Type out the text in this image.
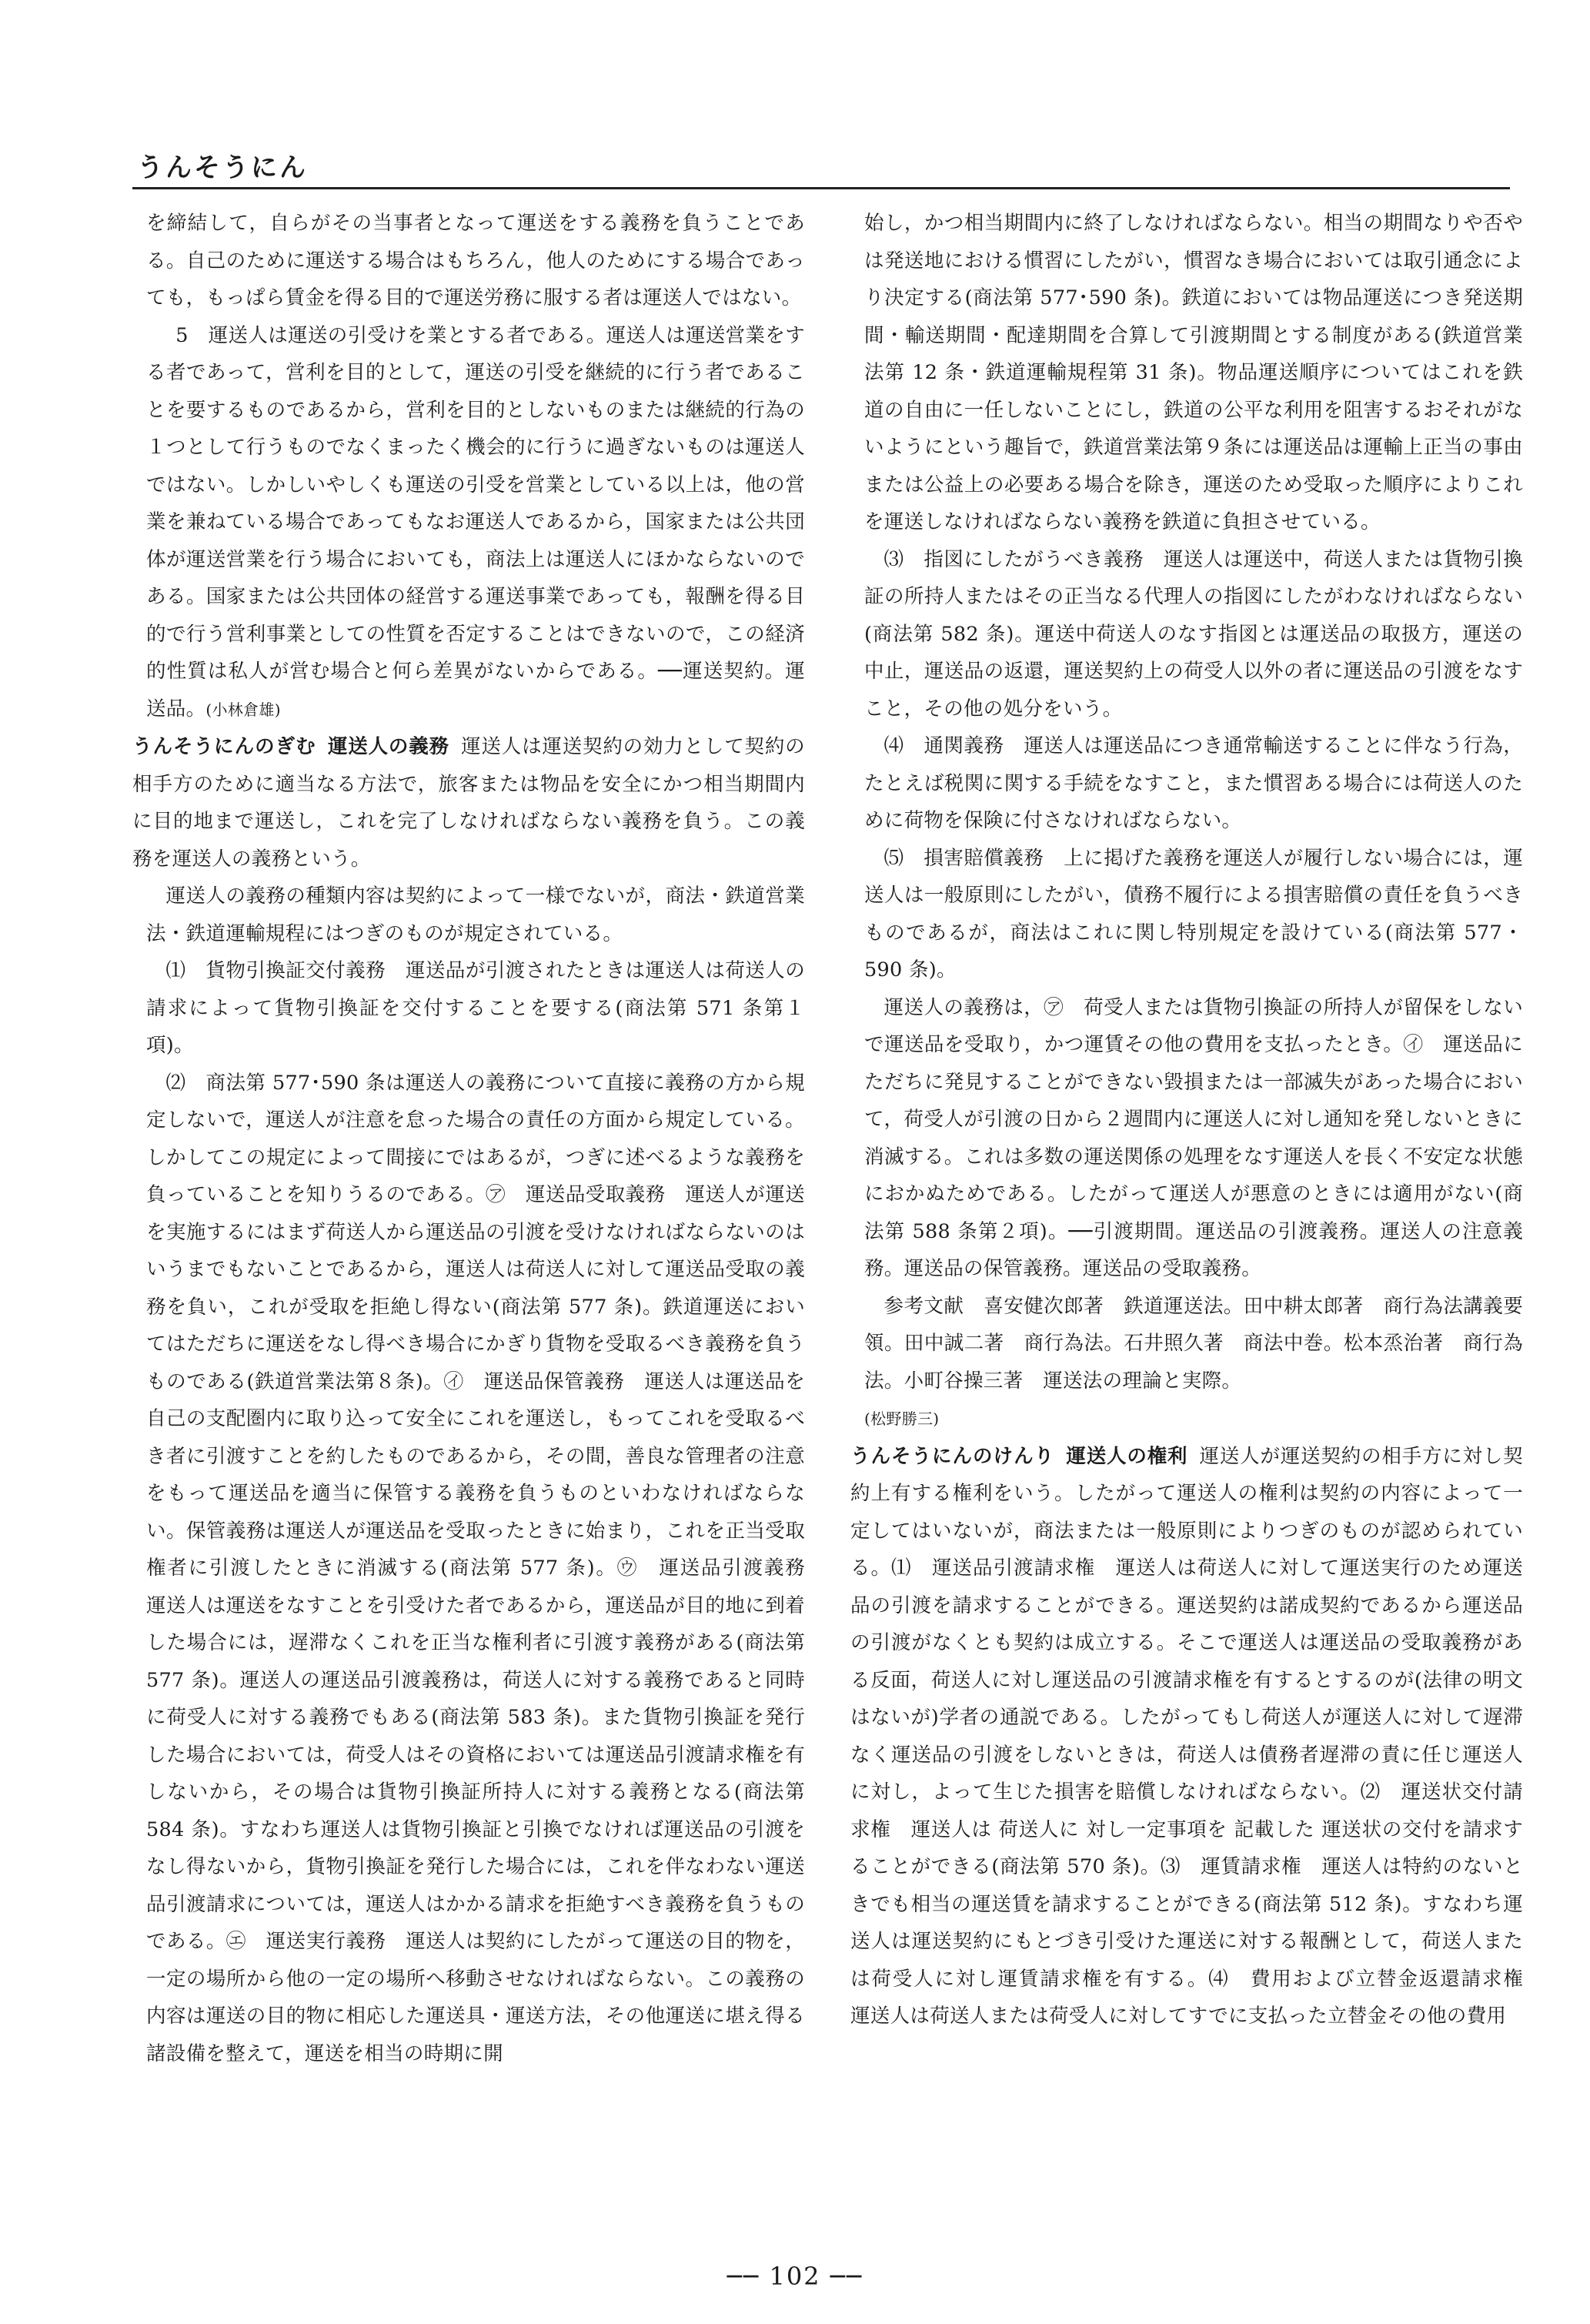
うんそうにん

を締結して，自らがその当事者となって運送をする義務を負うことである。自己のために運送する場合はもちろん，他人のためにする場合であっても，もっぱら賃金を得る目的で運送労務に服する者は運送人ではない。

5　運送人は運送の引受けを業とする者である。運送人は運送営業をする者であって，営利を目的として，運送の引受を継続的に行う者であることを要するものであるから，営利を目的としないものまたは継続的行為の１つとして行うものでなくまったく機会的に行うに過ぎないものは運送人ではない。しかしいやしくも運送の引受を営業としている以上は，他の営業を兼ねている場合であってもなお運送人であるから，国家または公共団体が運送営業を行う場合においても，商法上は運送人にほかならないのである。国家または公共団体の経営する運送事業であっても，報酬を得る目的で行う営利事業としての性質を否定することはできないので，この経済的性質は私人が営む場合と何ら差異がないからである。──運送契約。運送品。(小林倉雄)

うんそうにんのぎむ 運送人の義務 運送人は運送契約の効力として契約の相手方のために適当なる方法で，旅客または物品を安全にかつ相当期間内に目的地まで運送し，これを完了しなければならない義務を負う。この義務を運送人の義務という。

運送人の義務の種類内容は契約によって一様でないが，商法・鉄道営業法・鉄道運輸規程にはつぎのものが規定されている。

⑴　貨物引換証交付義務　運送品が引渡されたときは運送人は荷送人の請求によって貨物引換証を交付することを要する(商法第 571 条第１項)。

⑵　商法第 577･590 条は運送人の義務について直接に義務の方から規定しないで，運送人が注意を怠った場合の責任の方面から規定している。しかしてこの規定によって間接にではあるが，つぎに述べるような義務を負っていることを知りうるのである。㋐　運送品受取義務　運送人が運送を実施するにはまず荷送人から運送品の引渡を受けなければならないのはいうまでもないことであるから，運送人は荷送人に対して運送品受取の義務を負い，これが受取を拒絶し得ない(商法第 577 条)。鉄道運送においてはただちに運送をなし得べき場合にかぎり貨物を受取るべき義務を負うものである(鉄道営業法第８条)。㋑　運送品保管義務　運送人は運送品を自己の支配圏内に取り込って安全にこれを運送し，もってこれを受取るべき者に引渡すことを約したものであるから，その間，善良な管理者の注意をもって運送品を適当に保管する義務を負うものといわなければならない。保管義務は運送人が運送品を受取ったときに始まり，これを正当受取権者に引渡したときに消滅する(商法第 577 条)。㋒　運送品引渡義務　運送人は運送をなすことを引受けた者であるから，運送品が目的地に到着した場合には，遅滞なくこれを正当な権利者に引渡す義務がある(商法第 577 条)。運送人の運送品引渡義務は，荷送人に対する義務であると同時に荷受人に対する義務でもある(商法第 583 条)。また貨物引換証を発行した場合においては，荷受人はその資格においては運送品引渡請求権を有しないから，その場合は貨物引換証所持人に対する義務となる(商法第 584 条)。すなわち運送人は貨物引換証と引換でなければ運送品の引渡をなし得ないから，貨物引換証を発行した場合には，これを伴なわない運送品引渡請求については，運送人はかかる請求を拒絶すべき義務を負うものである。㋓　運送実行義務　運送人は契約にしたがって運送の目的物を，一定の場所から他の一定の場所へ移動させなければならない。この義務の内容は運送の目的物に相応した運送具・運送方法，その他運送に堪え得る諸設備を整えて，運送を相当の時期に開

始し，かつ相当期間内に終了しなければならない。相当の期間なりや否やは発送地における慣習にしたがい，慣習なき場合においては取引通念により決定する(商法第 577･590 条)。鉄道においては物品運送につき発送期間・輸送期間・配達期間を合算して引渡期間とする制度がある(鉄道営業法第 12 条・鉄道運輸規程第 31 条)。物品運送順序についてはこれを鉄道の自由に一任しないことにし，鉄道の公平な利用を阻害するおそれがないようにという趣旨で，鉄道営業法第９条には運送品は運輸上正当の事由または公益上の必要ある場合を除き，運送のため受取った順序によりこれを運送しなければならない義務を鉄道に負担させている。

⑶　指図にしたがうべき義務　運送人は運送中，荷送人または貨物引換証の所持人またはその正当なる代理人の指図にしたがわなければならない(商法第 582 条)。運送中荷送人のなす指図とは運送品の取扱方，運送の中止，運送品の返還，運送契約上の荷受人以外の者に運送品の引渡をなすこと，その他の処分をいう。

⑷　通関義務　運送人は運送品につき通常輸送することに伴なう行為，たとえば税関に関する手続をなすこと，また慣習ある場合には荷送人のために荷物を保険に付さなければならない。

⑸　損害賠償義務　上に掲げた義務を運送人が履行しない場合には，運送人は一般原則にしたがい，債務不履行による損害賠償の責任を負うべきものであるが，商法はこれに関し特別規定を設けている(商法第 577・590 条)。

運送人の義務は，㋐　荷受人または貨物引換証の所持人が留保をしないで運送品を受取り，かつ運賃その他の費用を支払ったとき。㋑　運送品にただちに発見することができない毀損または一部滅失があった場合において，荷受人が引渡の日から２週間内に運送人に対し通知を発しないときに消滅する。これは多数の運送関係の処理をなす運送人を長く不安定な状態におかぬためである。したがって運送人が悪意のときには適用がない(商法第 588 条第２項)。──引渡期間。運送品の引渡義務。運送人の注意義務。運送品の保管義務。運送品の受取義務。

参考文献　喜安健次郎著　鉄道運送法。田中耕太郎著　商行為法講義要領。田中誠二著　商行為法。石井照久著　商法中巻。松本烝治著　商行為法。小町谷操三著　運送法の理論と実際。

(松野勝三)

うんそうにんのけんり 運送人の権利 運送人が運送契約の相手方に対し契約上有する権利をいう。したがって運送人の権利は契約の内容によって一定してはいないが，商法または一般原則によりつぎのものが認められている。⑴　運送品引渡請求権　運送人は荷送人に対して運送実行のため運送品の引渡を請求することができる。運送契約は諾成契約であるから運送品の引渡がなくとも契約は成立する。そこで運送人は運送品の受取義務がある反面，荷送人に対し運送品の引渡請求権を有するとするのが(法律の明文はないが)学者の通説である。したがってもし荷送人が運送人に対して遅滞なく運送品の引渡をしないときは，荷送人は債務者遅滞の責に任じ運送人に対し，よって生じた損害を賠償しなければならない。⑵　運送状交付請求権　運送人は 荷送人に 対し一定事項を 記載した 運送状の交付を請求することができる(商法第 570 条)。⑶　運賃請求権　運送人は特約のないときでも相当の運送賃を請求することができる(商法第 512 条)。すなわち運送人は運送契約にもとづき引受けた運送に対する報酬として，荷送人または荷受人に対し運賃請求権を有する。⑷　費用および立替金返還請求権　運送人は荷送人または荷受人に対してすでに支払った立替金その他の費用

── 102 ──
